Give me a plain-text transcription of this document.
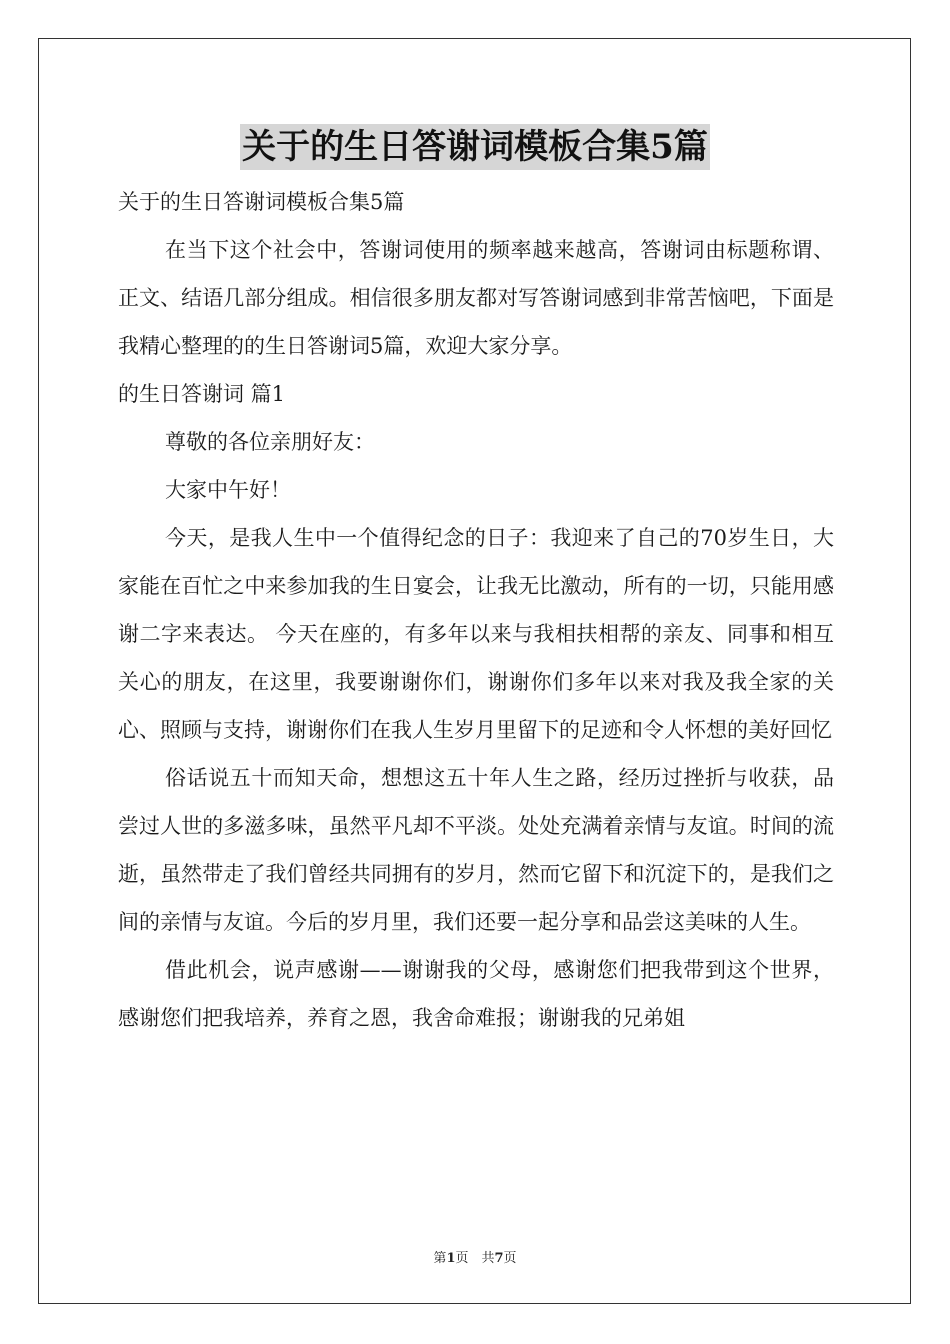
关于的生日答谢词模板合集5篇

关于的生日答谢词模板合集5篇

在当下这个社会中，答谢词使用的频率越来越高，答谢词由标题称谓、正文、结语几部分组成。相信很多朋友都对写答谢词感到非常苦恼吧，下面是我精心整理的的生日答谢词5篇，欢迎大家分享。

的生日答谢词 篇1

尊敬的各位亲朋好友：

大家中午好！

今天，是我人生中一个值得纪念的日子：我迎来了自己的70岁生日，大家能在百忙之中来参加我的生日宴会，让我无比激动，所有的一切，只能用感谢二字来表达。 今天在座的，有多年以来与我相扶相帮的亲友、同事和相互关心的朋友，在这里，我要谢谢你们，谢谢你们多年以来对我及我全家的关心、照顾与支持，谢谢你们在我人生岁月里留下的足迹和令人怀想的美好回忆

俗话说五十而知天命，想想这五十年人生之路，经历过挫折与收获，品尝过人世的多滋多味，虽然平凡却不平淡。处处充满着亲情与友谊。时间的流逝，虽然带走了我们曾经共同拥有的岁月，然而它留下和沉淀下的，是我们之间的亲情与友谊。今后的岁月里，我们还要一起分享和品尝这美味的人生。

借此机会，说声感谢——谢谢我的父母，感谢您们把我带到这个世界，感谢您们把我培养，养育之恩，我舍命难报；谢谢我的兄弟姐

第1页　共7页
